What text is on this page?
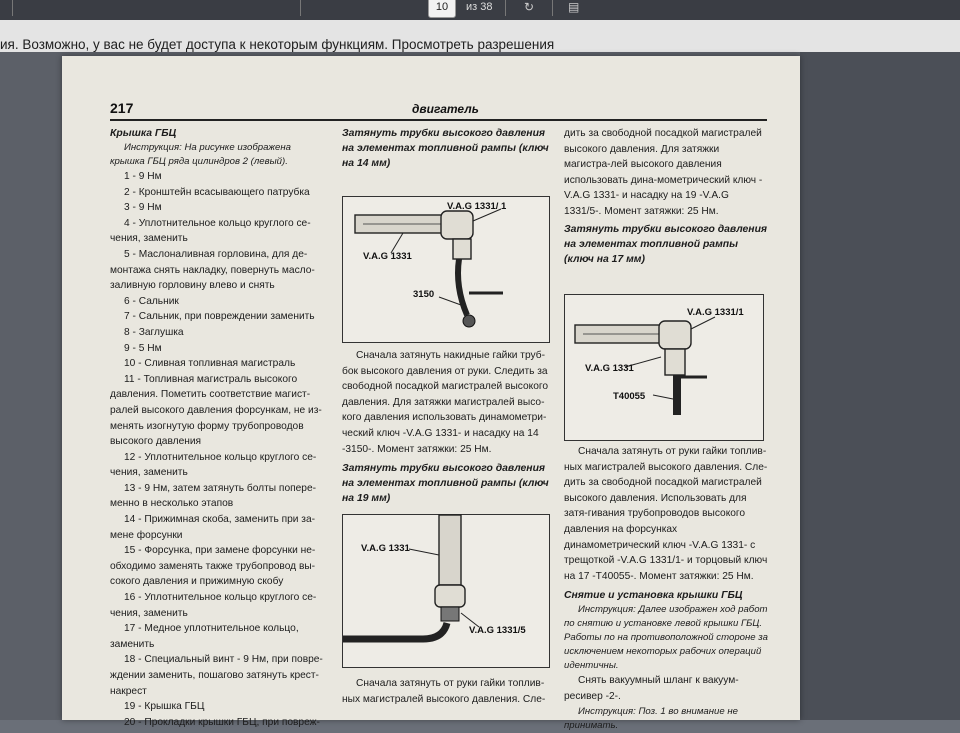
10	из 38	↻	▤
ия. Возможно, у вас не будет доступа к некоторым функциям. Просмотреть разрешения
217	двигатель

Крышка ГБЦ

Инструкция: На рисунке изображена крышка ГБЦ ряда цилиндров 2 (левый).

1 - 9 Нм

2 - Кронштейн всасывающего патрубка

3 - 9 Нм

4 - Уплотнительное кольцо круглого се-чения, заменить

5 - Маслоналивная горловина, для де-монтажа снять накладку, повернуть масло-заливную горловину влево и снять

6 - Сальник

7 - Сальник, при повреждении заменить

8 - Заглушка

9 - 5 Нм

10 - Сливная топливная магистраль

11 - Топливная магистраль высокого давления. Пометить соответствие магист-ралей высокого давления форсункам, не из-менять изогнутую форму трубопроводов высокого давления

12 - Уплотнительное кольцо круглого се-чения, заменить

13 - 9 Нм, затем затянуть болты попере-менно в несколько этапов

14 - Прижимная скоба, заменить при за-мене форсунки

15 - Форсунка, при замене форсунки не-обходимо заменять также трубопровод вы-сокого давления и прижимную скобу

16 - Уплотнительное кольцо круглого се-чения, заменить

17 - Медное уплотнительное кольцо, заменить

18 - Специальный винт - 9 Нм, при повре-ждении заменить, пошагово затянуть крест-накрест

19 - Крышка ГБЦ

20 - Прокладки крышки ГБЦ, при повреж-

Затянуть трубки высокого давления на элементах топливной рампы (ключ на 14 мм)

V.A.G 1331/ 1
V.A.G 1331
3150

Сначала затянуть накидные гайки труб-бок высокого давления от руки. Следить за свободной посадкой магистралей высокого давления. Для затяжки магистралей высо-кого давления использовать динамометри-ческий ключ -V.A.G 1331- и насадку на 14 -3150-. Момент затяжки: 25 Нм.

Затянуть трубки высокого давления на элементах топливной рампы (ключ на 19 мм)

V.A.G 1331
V.A.G 1331/5

Сначала затянуть от руки гайки топлив-ных магистралей высокого давления. Сле-

дить за свободной посадкой магистралей высокого давления. Для затяжки магистра-лей высокого давления использовать дина-мометрический ключ -V.A.G 1331- и насадку на 19 -V.A.G 1331/5-. Момент затяжки: 25 Нм.

Затянуть трубки высокого давления на элементах топливной рампы (ключ на 17 мм)

V.A.G 1331/1
V.A.G 1331
T40055

Сначала затянуть от руки гайки топлив-ных магистралей высокого давления. Сле-дить за свободной посадкой магистралей высокого давления. Использовать для затя-гивания трубопроводов высокого давления на форсунках динамометрический ключ -V.A.G 1331- с трещоткой -V.A.G 1331/1- и торцовый ключ на 17 -T40055-. Момент затяжки: 25 Нм.

Снятие и установка крышки ГБЦ

Инструкция: Далее изображен ход работ по снятию и установке левой крышки ГБЦ. Работы по на противоположной стороне за исключением некоторых рабочих операций идентичны.

Снять вакуумный шланг к вакуум-ресивер -2-.

Инструкция: Поз. 1 во внимание не принимать.
